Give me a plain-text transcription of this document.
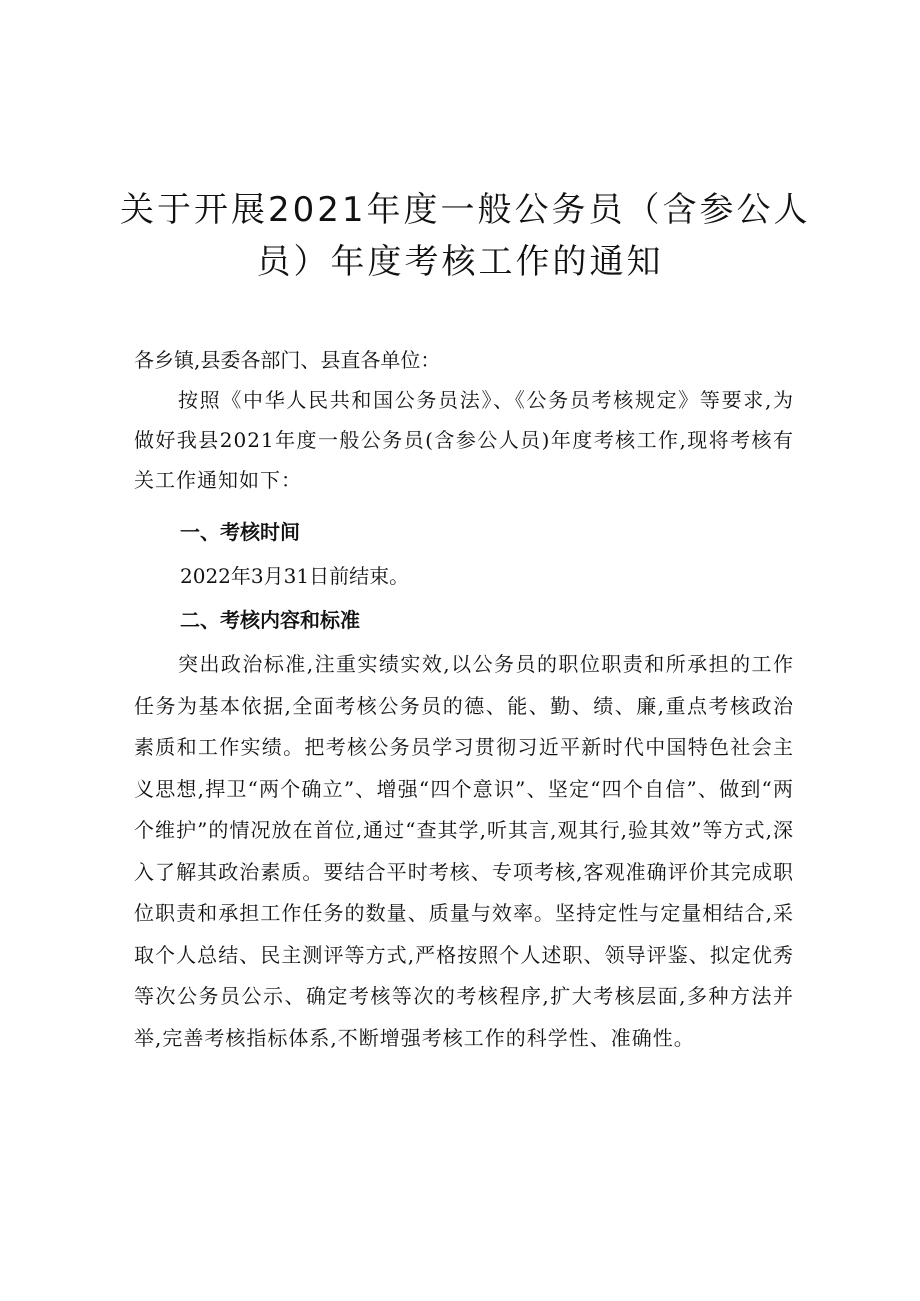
关于开展2021年度一般公务员（含参公人
员）年度考核工作的通知
各乡镇,县委各部门、县直各单位：
按照《中华人民共和国公务员法》、《公务员考核规定》等要求,为做好我县2021年度一般公务员(含参公人员)年度考核工作,现将考核有关工作通知如下：
一、考核时间
2022年3月31日前结束。
二、考核内容和标准
突出政治标准,注重实绩实效,以公务员的职位职责和所承担的工作任务为基本依据,全面考核公务员的德、能、勤、绩、廉,重点考核政治素质和工作实绩。把考核公务员学习贯彻习近平新时代中国特色社会主义思想,捍卫“两个确立”、增强“四个意识”、坚定“四个自信”、做到“两个维护”的情况放在首位,通过“查其学,听其言,观其行,验其效”等方式,深入了解其政治素质。要结合平时考核、专项考核,客观准确评价其完成职位职责和承担工作任务的数量、质量与效率。坚持定性与定量相结合,采取个人总结、民主测评等方式,严格按照个人述职、领导评鉴、拟定优秀等次公务员公示、确定考核等次的考核程序,扩大考核层面,多种方法并举,完善考核指标体系,不断增强考核工作的科学性、准确性。
